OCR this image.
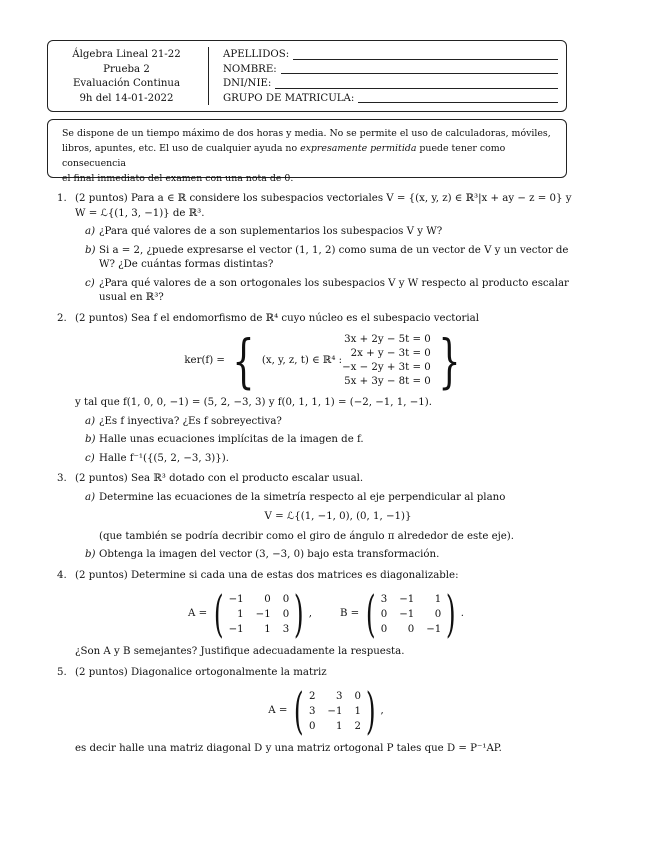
Álgebra Lineal 21-22
Prueba 2
Evaluación Continua
9h del 14-01-2022
APELLIDOS:
NOMBRE:
DNI/NIE:
GRUPO DE MATRICULA:
Se dispone de un tiempo máximo de dos horas y media. No se permite el uso de calculadoras, móviles,
libros, apuntes, etc. El uso de cualquier ayuda no expresamente permitida puede tener como consecuencia
el final inmediato del examen con una nota de 0.
1. (2 puntos) Para a ∈ ℝ considere los subespacios vectoriales V = {(x, y, z) ∈ ℝ³|x + ay − z = 0} y
W = ℒ{(1, 3, −1)} de ℝ³.
a) ¿Para qué valores de a son suplementarios los subespacios V y W?
b) Si a = 2, ¿puede expresarse el vector (1, 1, 2) como suma de un vector de V y un vector de
W? ¿De cuántas formas distintas?
c) ¿Para qué valores de a son ortogonales los subespacios V y W respecto al producto escalar
usual en ℝ³?
2. (2 puntos) Sea f el endomorfismo de ℝ⁴ cuyo núcleo es el subespacio vectorial
ker(f) = { (x, y, z, t) ∈ ℝ⁴ :
3x + 2y − 5t = 0
2x + y − 3t = 0
−x − 2y + 3t = 0
5x + 3y − 8t = 0 }
y tal que f(1, 0, 0, −1) = (5, 2, −3, 3) y f(0, 1, 1, 1) = (−2, −1, 1, −1).
a) ¿Es f inyectiva? ¿Es f sobreyectiva?
b) Halle unas ecuaciones implícitas de la imagen de f.
c) Halle f⁻¹({(5, 2, −3, 3)}).
3. (2 puntos) Sea ℝ³ dotado con el producto escalar usual.
a) Determine las ecuaciones de la simetría respecto al eje perpendicular al plano
V = ℒ{(1, −1, 0), (0, 1, −1)}
(que también se podría decribir como el giro de ángulo π alrededor de este eje).
b) Obtenga la imagen del vector (3, −3, 0) bajo esta transformación.
4. (2 puntos) Determine si cada una de estas dos matrices es diagonalizable:
A = ( −1	0 0
1 −1 0
−1	1 3 ) ,	B = ( 3 −1	1
0 −1	0
0	0 −1 ) .
¿Son A y B semejantes? Justifique adecuadamente la respuesta.
5. (2 puntos) Diagonalice ortogonalmente la matriz
A = ( 2	3 0
3 −1 1
0	1 2 ) ,
es decir halle una matriz diagonal D y una matriz ortogonal P tales que D = P⁻¹AP.
